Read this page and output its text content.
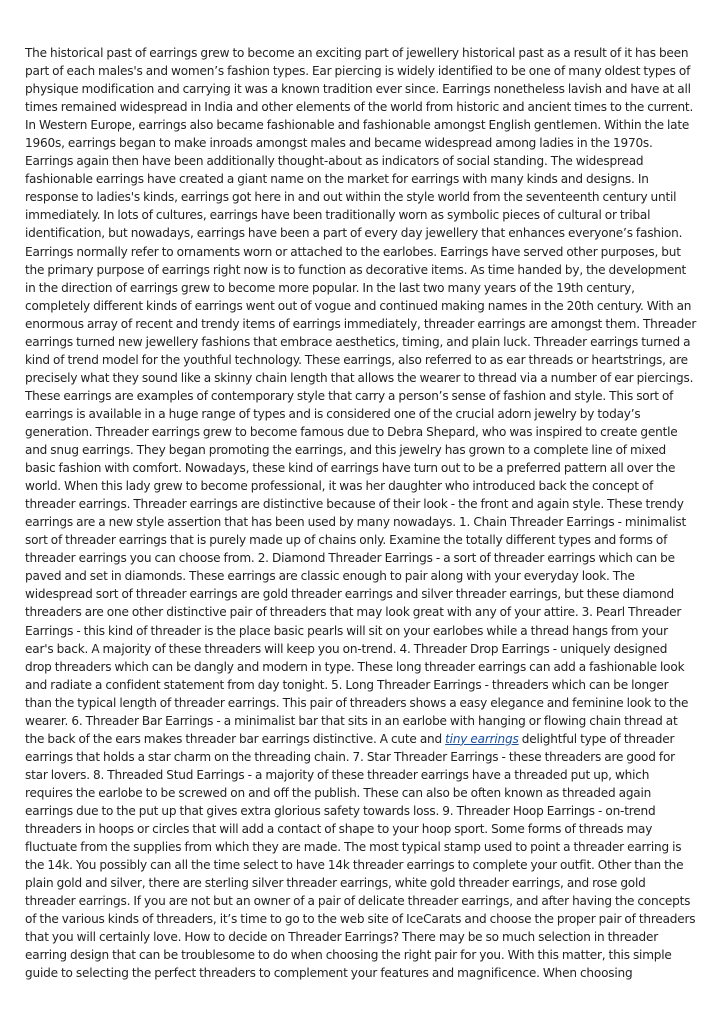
The historical past of earrings grew to become an exciting part of jewellery historical past as a result of it has been part of each males's and women’s fashion types. Ear piercing is widely identified to be one of many oldest types of physique modification and carrying it was a known tradition ever since. Earrings nonetheless lavish and have at all times remained widespread in India and other elements of the world from historic and ancient times to the current. In Western Europe, earrings also became fashionable and fashionable amongst English gentlemen. Within the late 1960s, earrings began to make inroads amongst males and became widespread among ladies in the 1970s. Earrings again then have been additionally thought-about as indicators of social standing. The widespread fashionable earrings have created a giant name on the market for earrings with many kinds and designs. In response to ladies's kinds, earrings got here in and out within the style world from the seventeenth century until immediately. In lots of cultures, earrings have been traditionally worn as symbolic pieces of cultural or tribal identification, but nowadays, earrings have been a part of every day jewellery that enhances everyone’s fashion. Earrings normally refer to ornaments worn or attached to the earlobes. Earrings have served other purposes, but the primary purpose of earrings right now is to function as decorative items. As time handed by, the development in the direction of earrings grew to become more popular. In the last two many years of the 19th century, completely different kinds of earrings went out of vogue and continued making names in the 20th century. With an enormous array of recent and trendy items of earrings immediately, threader earrings are amongst them. Threader earrings turned new jewellery fashions that embrace aesthetics, timing, and plain luck. Threader earrings turned a kind of trend model for the youthful technology. These earrings, also referred to as ear threads or heartstrings, are precisely what they sound like a skinny chain length that allows the wearer to thread via a number of ear piercings. These earrings are examples of contemporary style that carry a person’s sense of fashion and style. This sort of earrings is available in a huge range of types and is considered one of the crucial adorn jewelry by today’s generation. Threader earrings grew to become famous due to Debra Shepard, who was inspired to create gentle and snug earrings. They began promoting the earrings, and this jewelry has grown to a complete line of mixed basic fashion with comfort. Nowadays, these kind of earrings have turn out to be a preferred pattern all over the world. When this lady grew to become professional, it was her daughter who introduced back the concept of threader earrings. Threader earrings are distinctive because of their look - the front and again style. These trendy earrings are a new style assertion that has been used by many nowadays. 1. Chain Threader Earrings - minimalist sort of threader earrings that is purely made up of chains only. Examine the totally different types and forms of threader earrings you can choose from. 2. Diamond Threader Earrings - a sort of threader earrings which can be paved and set in diamonds. These earrings are classic enough to pair along with your everyday look. The widespread sort of threader earrings are gold threader earrings and silver threader earrings, but these diamond threaders are one other distinctive pair of threaders that may look great with any of your attire. 3. Pearl Threader Earrings - this kind of threader is the place basic pearls will sit on your earlobes while a thread hangs from your ear's back. A majority of these threaders will keep you on-trend. 4. Threader Drop Earrings - uniquely designed drop threaders which can be dangly and modern in type. These long threader earrings can add a fashionable look and radiate a confident statement from day tonight. 5. Long Threader Earrings - threaders which can be longer than the typical length of threader earrings. This pair of threaders shows a easy elegance and feminine look to the wearer. 6. Threader Bar Earrings - a minimalist bar that sits in an earlobe with hanging or flowing chain thread at the back of the ears makes threader bar earrings distinctive. A cute and tiny earrings delightful type of threader earrings that holds a star charm on the threading chain. 7. Star Threader Earrings - these threaders are good for star lovers. 8. Threaded Stud Earrings - a majority of these threader earrings have a threaded put up, which requires the earlobe to be screwed on and off the publish. These can also be often known as threaded again earrings due to the put up that gives extra glorious safety towards loss. 9. Threader Hoop Earrings - on-trend threaders in hoops or circles that will add a contact of shape to your hoop sport. Some forms of threads may fluctuate from the supplies from which they are made. The most typical stamp used to point a threader earring is the 14k. You possibly can all the time select to have 14k threader earrings to complete your outfit. Other than the plain gold and silver, there are sterling silver threader earrings, white gold threader earrings, and rose gold threader earrings. If you are not but an owner of a pair of delicate threader earrings, and after having the concepts of the various kinds of threaders, it’s time to go to the web site of IceCarats and choose the proper pair of threaders that you will certainly love. How to decide on Threader Earrings? There may be so much selection in threader earring design that can be troublesome to do when choosing the right pair for you. With this matter, this simple guide to selecting the perfect threaders to complement your features and magnificence. When choosing
